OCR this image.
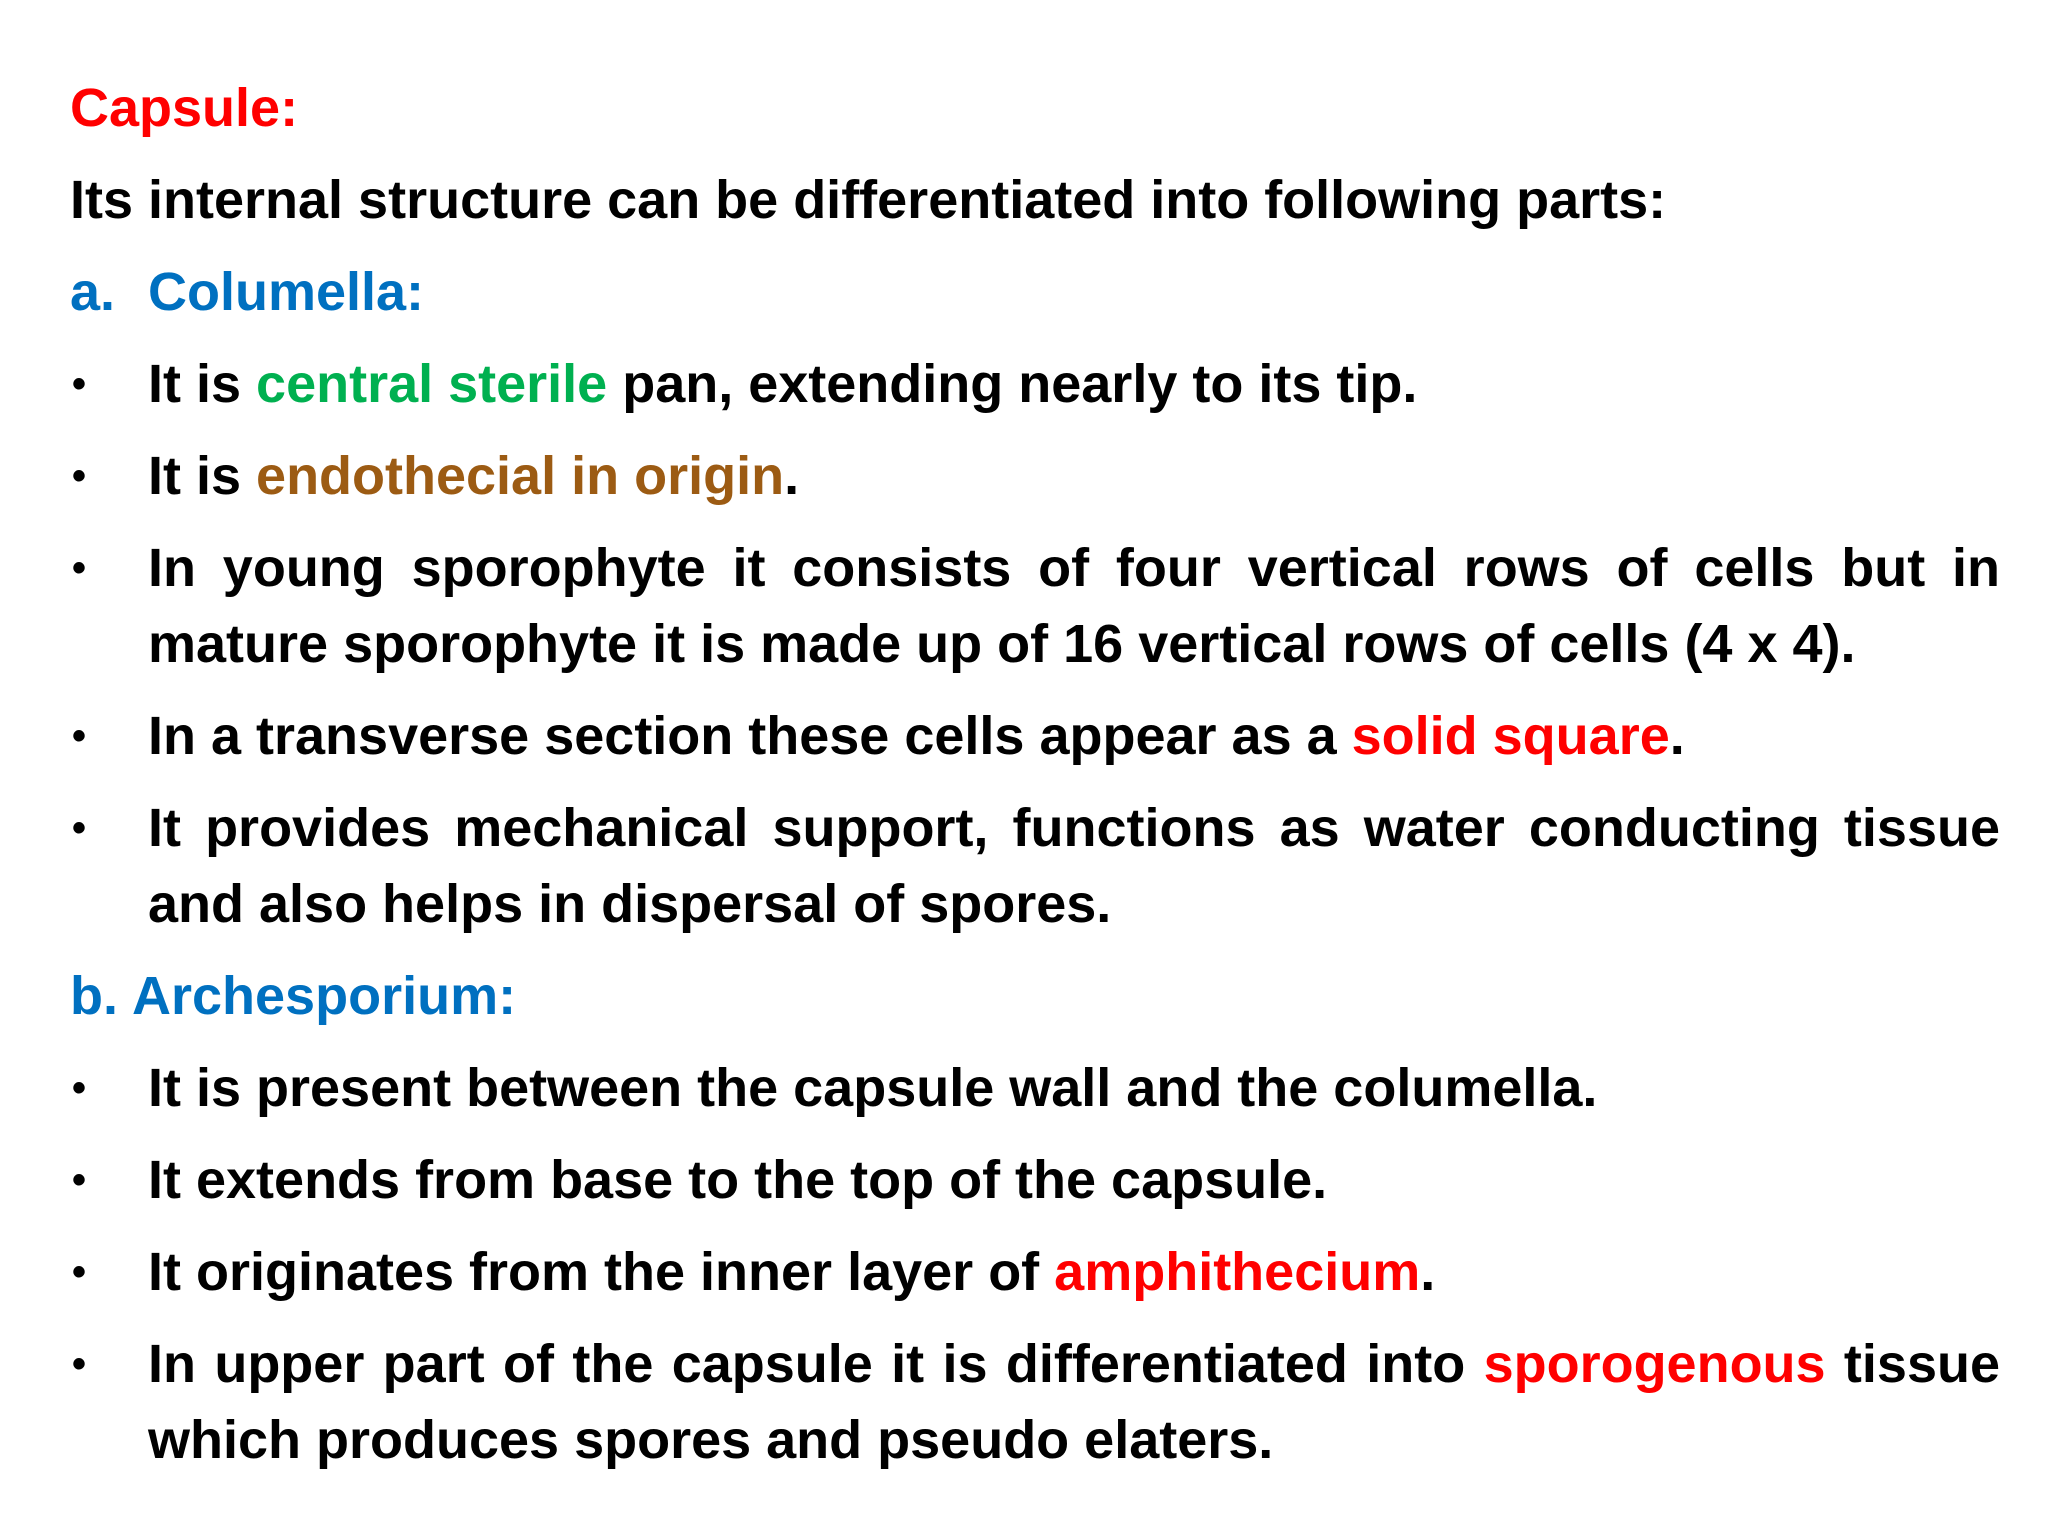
Capsule:

Its internal structure can be differentiated into following parts:

a. Columella:

•	It is central sterile pan, extending nearly to its tip.
•	It is endothecial in origin.
•	In young sporophyte it consists of four vertical rows of cells but in mature sporophyte it is made up of 16 vertical rows of cells (4 x 4).
•	In a transverse section these cells appear as a solid square.
•	It provides mechanical support, functions as water conducting tissue and also helps in dispersal of spores.

b. Archesporium:

•	It is present between the capsule wall and the columella.
•	It extends from base to the top of the capsule.
•	It originates from the inner layer of amphithecium.
•	In upper part of the capsule it is differentiated into sporogenous tissue which produces spores and pseudo elaters.
